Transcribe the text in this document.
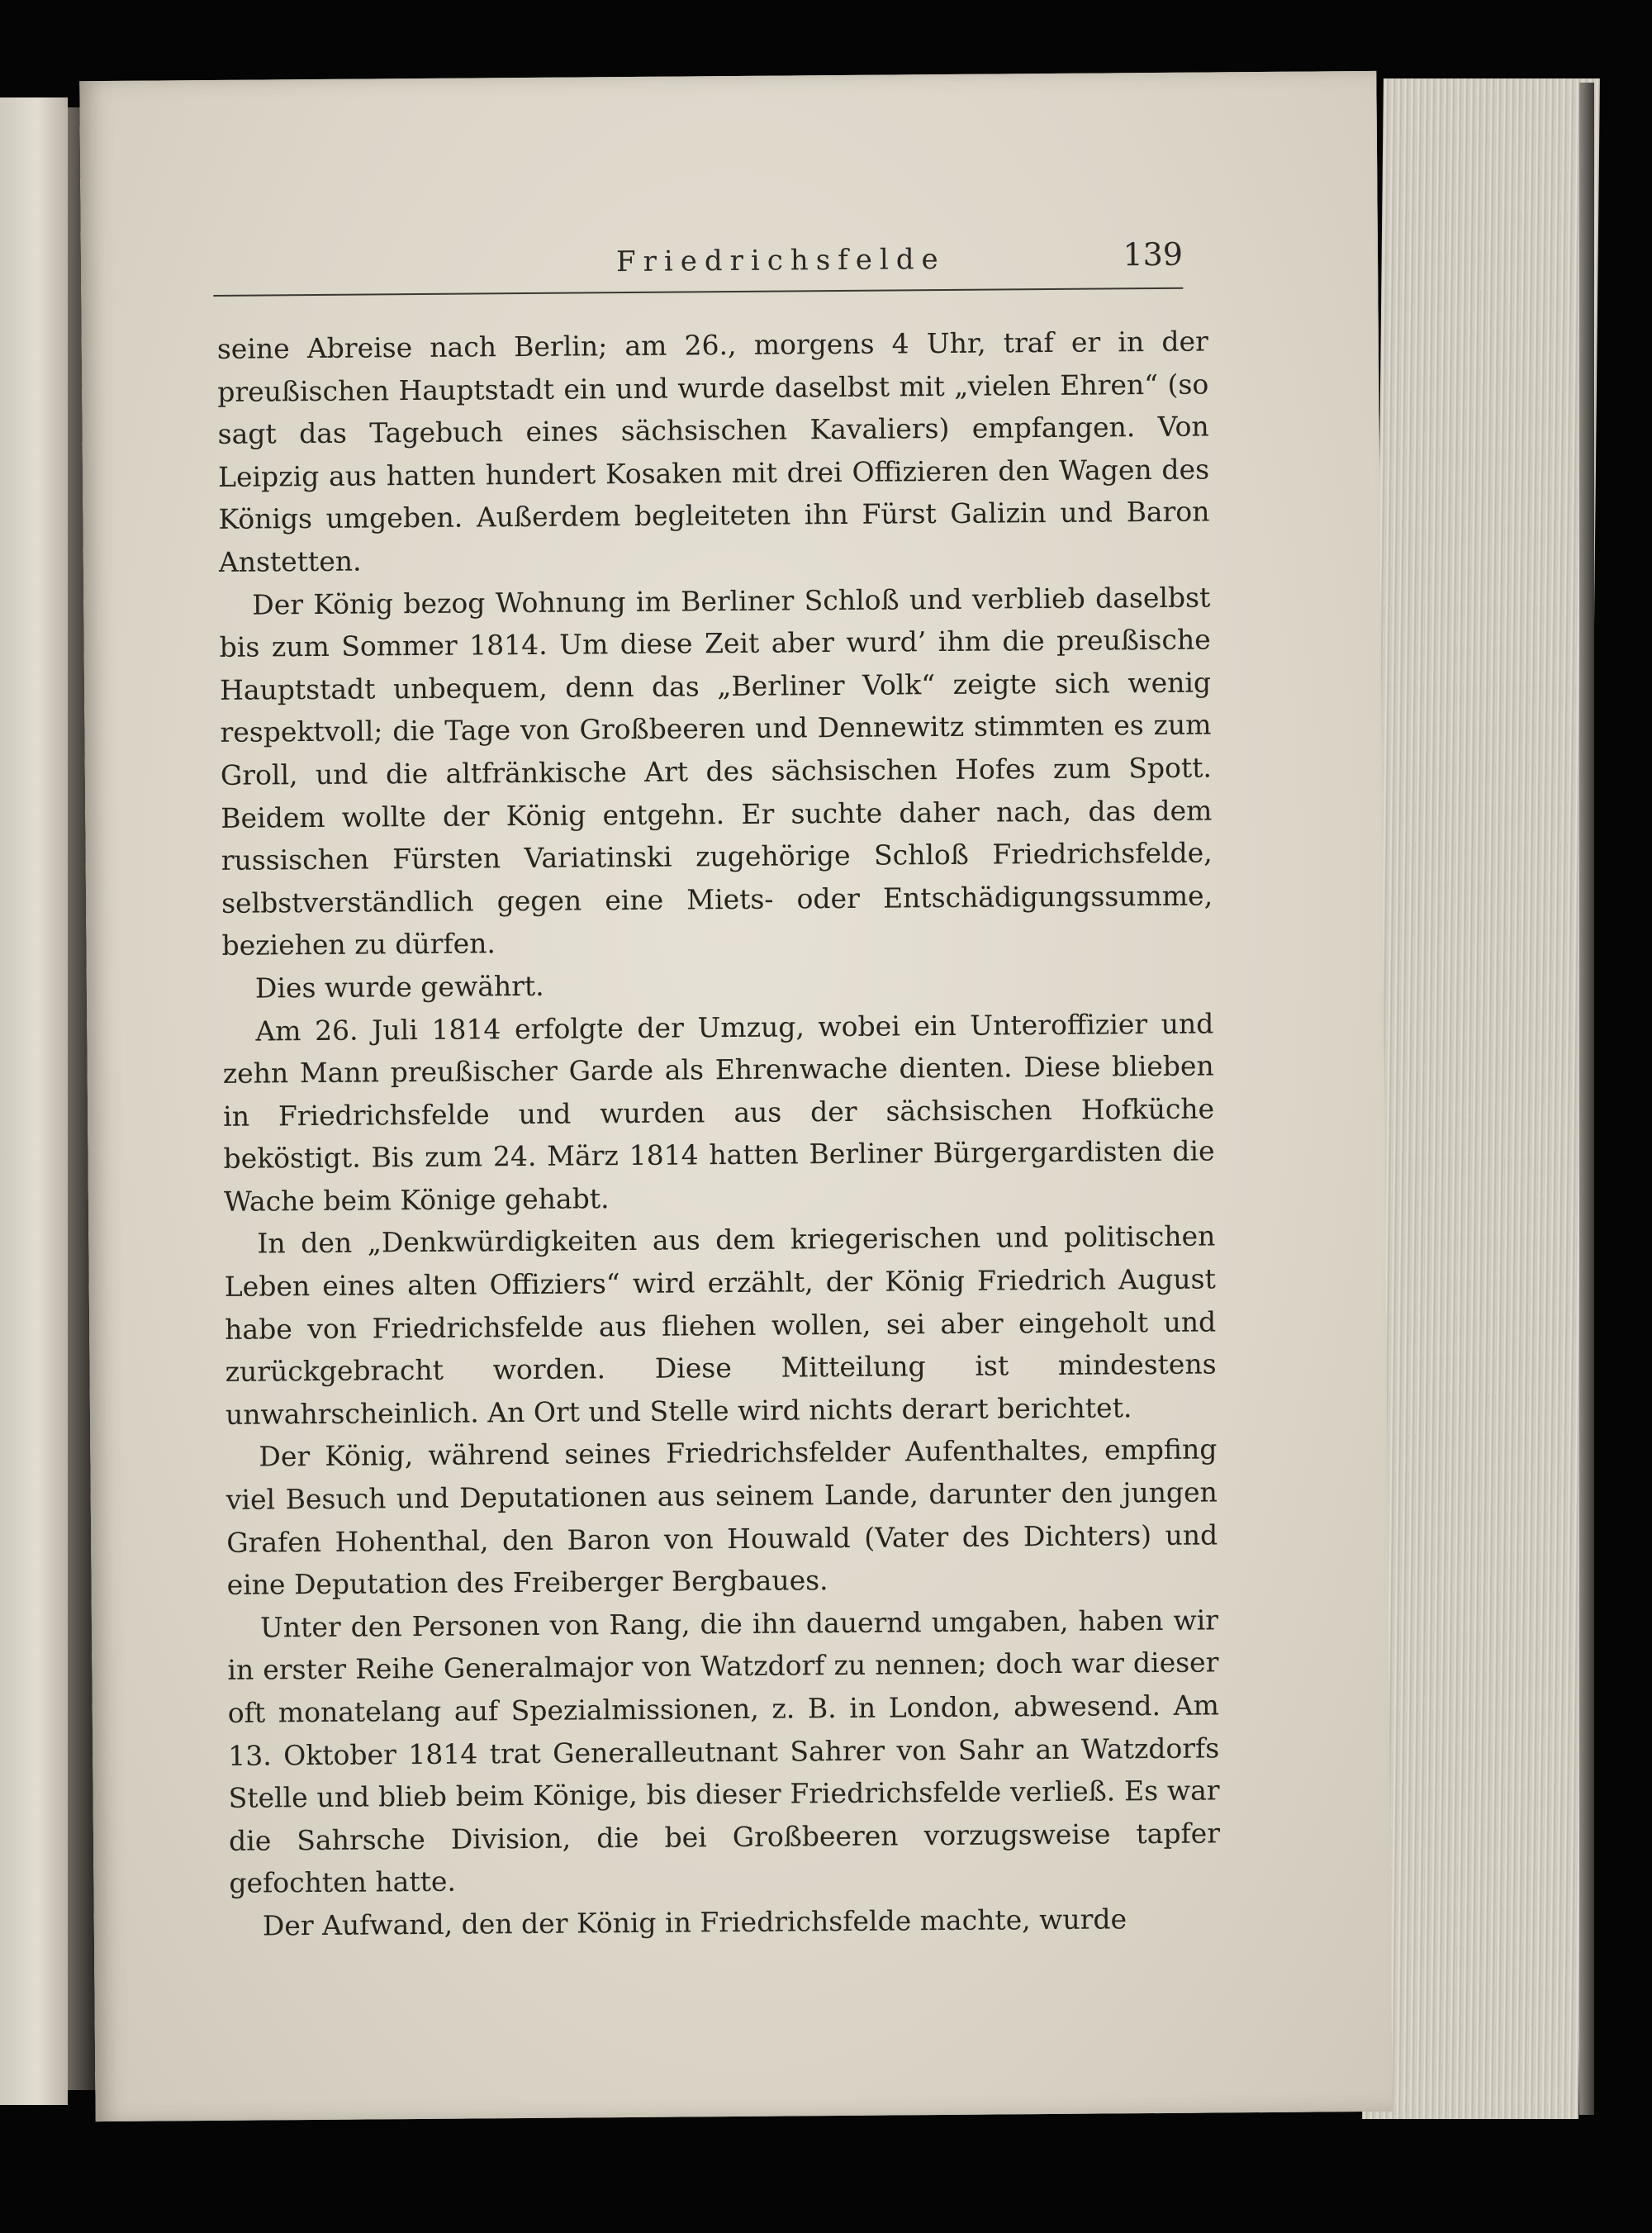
Friedrichsfelde	139

seine Abreise nach Berlin; am 26., morgens 4 Uhr, traf er in der preußischen Hauptstadt ein und wurde daselbst mit „vielen Ehren“ (so sagt das Tagebuch eines sächsischen Kavaliers) empfangen. Von Leipzig aus hatten hundert Kosaken mit drei Offizieren den Wagen des Königs umgeben. Außerdem begleiteten ihn Fürst Galizin und Baron Anstetten.

Der König bezog Wohnung im Berliner Schloß und verblieb daselbst bis zum Sommer 1814. Um diese Zeit aber wurd’ ihm die preußische Hauptstadt unbequem, denn das „Berliner Volk“ zeigte sich wenig respektvoll; die Tage von Großbeeren und Dennewitz stimmten es zum Groll, und die altfränkische Art des sächsischen Hofes zum Spott. Beidem wollte der König entgehn. Er suchte daher nach, das dem russischen Fürsten Variatinski zugehörige Schloß Friedrichsfelde, selbstverständlich gegen eine Miets- oder Entschädigungssumme, beziehen zu dürfen.

Dies wurde gewährt.

Am 26. Juli 1814 erfolgte der Umzug, wobei ein Unteroffizier und zehn Mann preußischer Garde als Ehrenwache dienten. Diese blieben in Friedrichsfelde und wurden aus der sächsischen Hofküche beköstigt. Bis zum 24. März 1814 hatten Berliner Bürgergardisten die Wache beim Könige gehabt.

In den „Denkwürdigkeiten aus dem kriegerischen und politischen Leben eines alten Offiziers“ wird erzählt, der König Friedrich August habe von Friedrichsfelde aus fliehen wollen, sei aber eingeholt und zurückgebracht worden. Diese Mitteilung ist mindestens unwahrscheinlich. An Ort und Stelle wird nichts derart berichtet.

Der König, während seines Friedrichsfelder Aufenthaltes, empfing viel Besuch und Deputationen aus seinem Lande, darunter den jungen Grafen Hohenthal, den Baron von Houwald (Vater des Dichters) und eine Deputation des Freiberger Bergbaues.

Unter den Personen von Rang, die ihn dauernd umgaben, haben wir in erster Reihe Generalmajor von Watzdorf zu nennen; doch war dieser oft monatelang auf Spezialmissionen, z. B. in London, abwesend. Am 13. Oktober 1814 trat Generalleutnant Sahrer von Sahr an Watzdorfs Stelle und blieb beim Könige, bis dieser Friedrichsfelde verließ. Es war die Sahrsche Division, die bei Großbeeren vorzugsweise tapfer gefochten hatte.

Der Aufwand, den der König in Friedrichsfelde machte, wurde
